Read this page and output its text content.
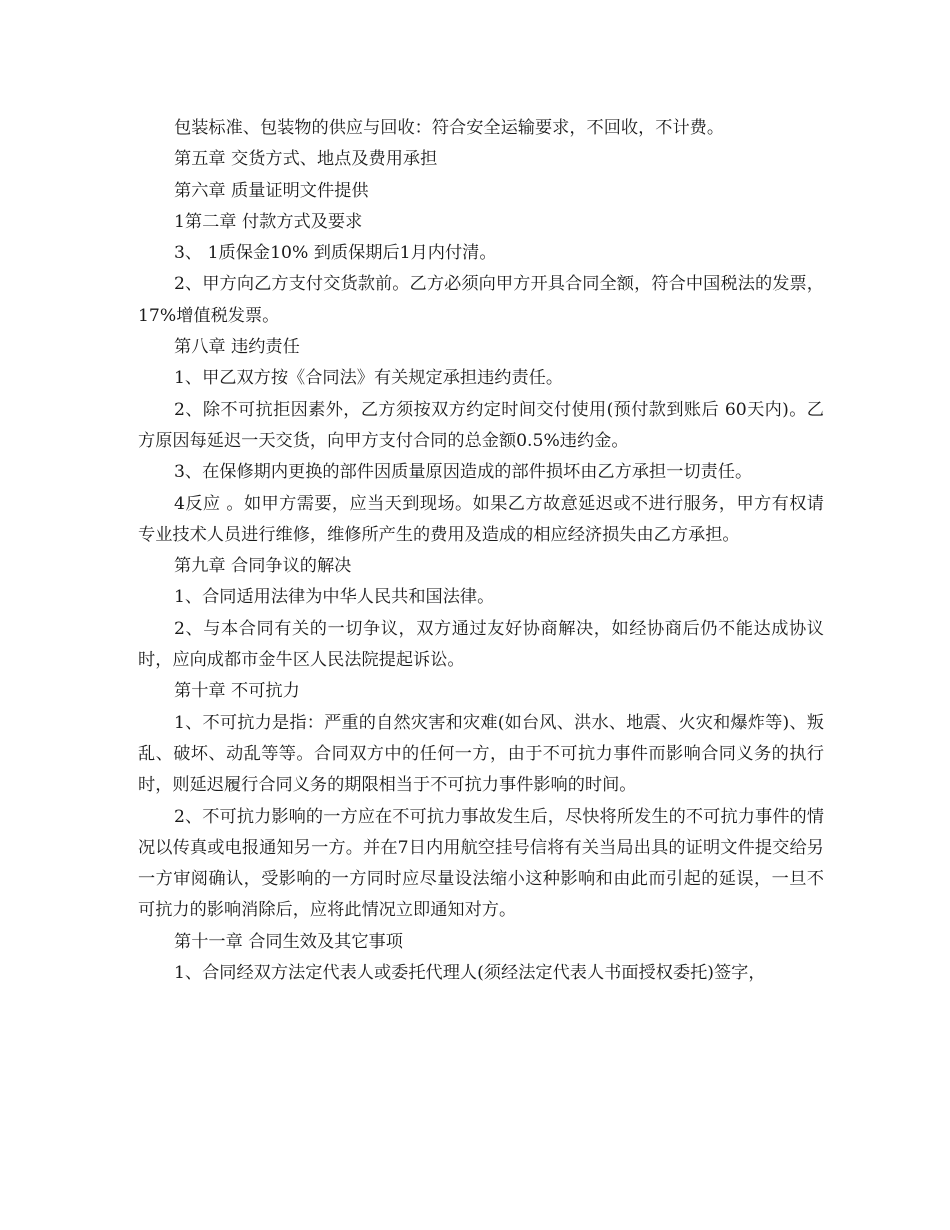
包装标准、包装物的供应与回收：符合安全运输要求，不回收，不计费。

第五章 交货方式、地点及费用承担

第六章 质量证明文件提供

1第二章 付款方式及要求

3、 1质保金10% 到质保期后1月内付清。

2、甲方向乙方支付交货款前。乙方必须向甲方开具合同全额，符合中国税法的发票，17%增值税发票。

第八章 违约责任

1、甲乙双方按《合同法》有关规定承担违约责任。

2、除不可抗拒因素外，乙方须按双方约定时间交付使用(预付款到账后 60天内)。乙方原因每延迟一天交货，向甲方支付合同的总金额0.5%违约金。

3、在保修期内更换的部件因质量原因造成的部件损坏由乙方承担一切责任。

4反应 。如甲方需要，应当天到现场。如果乙方故意延迟或不进行服务，甲方有权请专业技术人员进行维修，维修所产生的费用及造成的相应经济损失由乙方承担。

第九章 合同争议的解决

1、合同适用法律为中华人民共和国法律。

2、与本合同有关的一切争议，双方通过友好协商解决，如经协商后仍不能达成协议时，应向成都市金牛区人民法院提起诉讼。

第十章 不可抗力

1、不可抗力是指：严重的自然灾害和灾难(如台风、洪水、地震、火灾和爆炸等)、叛乱、破坏、动乱等等。合同双方中的任何一方，由于不可抗力事件而影响合同义务的执行时，则延迟履行合同义务的期限相当于不可抗力事件影响的时间。

2、不可抗力影响的一方应在不可抗力事故发生后，尽快将所发生的不可抗力事件的情况以传真或电报通知另一方。并在7日内用航空挂号信将有关当局出具的证明文件提交给另一方审阅确认，受影响的一方同时应尽量设法缩小这种影响和由此而引起的延误，一旦不可抗力的影响消除后，应将此情况立即通知对方。

第十一章 合同生效及其它事项

1、合同经双方法定代表人或委托代理人(须经法定代表人书面授权委托)签字，
